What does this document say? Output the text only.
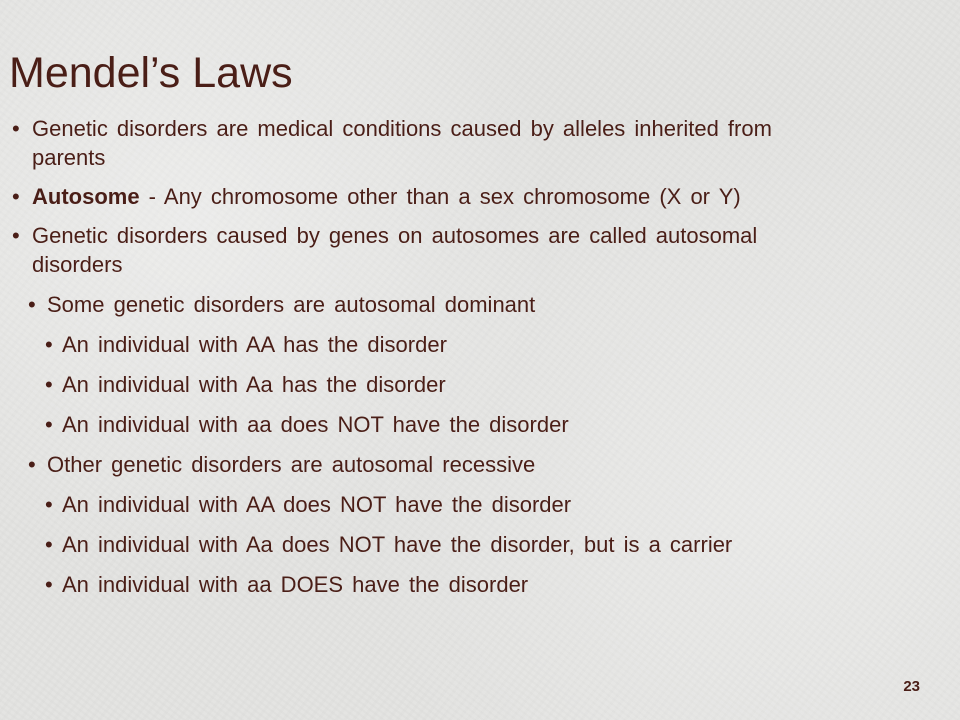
Mendel’s Laws
• Genetic disorders are medical conditions caused by alleles inherited from parents
• Autosome - Any chromosome other than a sex chromosome (X or Y)
• Genetic disorders caused by genes on autosomes are called autosomal disorders
• Some genetic disorders are autosomal dominant
• An individual with AA has the disorder
• An individual with Aa has the disorder
• An individual with aa does NOT have the disorder
• Other genetic disorders are autosomal recessive
• An individual with AA does NOT have the disorder
• An individual with Aa does NOT have the disorder, but is a carrier
• An individual with aa DOES have the disorder
23
